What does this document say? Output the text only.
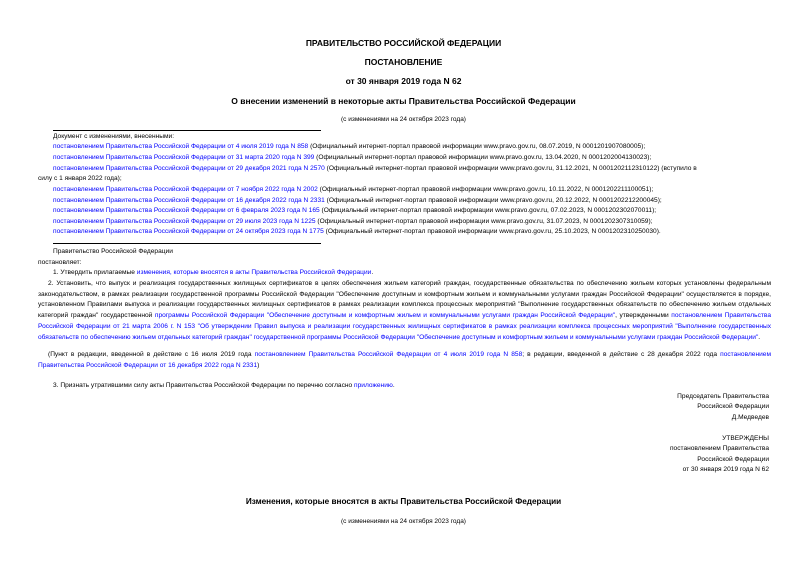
ПРАВИТЕЛЬСТВО РОССИЙСКОЙ ФЕДЕРАЦИИ
ПОСТАНОВЛЕНИЕ
от 30 января 2019 года N 62
О внесении изменений в некоторые акты Правительства Российской Федерации
(с изменениями на 24 октября 2023 года)
Документ с изменениями, внесенными:
постановлением Правительства Российской Федерации от 4 июля 2019 года N 858 (Официальный интернет-портал правовой информации www.pravo.gov.ru, 08.07.2019, N 0001201907080005);
постановлением Правительства Российской Федерации от 31 марта 2020 года N 399 (Официальный интернет-портал правовой информации www.pravo.gov.ru, 13.04.2020, N 0001202004130023);
постановлением Правительства Российской Федерации от 29 декабря 2021 года N 2570 (Официальный интернет-портал правовой информации www.pravo.gov.ru, 31.12.2021, N 0001202112310122) (вступило в
силу с 1 января 2022 года);
постановлением Правительства Российской Федерации от 7 ноября 2022 года N 2002 (Официальный интернет-портал правовой информации www.pravo.gov.ru, 10.11.2022, N 0001202211100051);
постановлением Правительства Российской Федерации от 16 декабря 2022 года N 2331 (Официальный интернет-портал правовой информации www.pravo.gov.ru, 20.12.2022, N 0001202212200045);
постановлением Правительства Российской Федерации от 6 февраля 2023 года N 165 (Официальный интернет-портал правовой информации www.pravo.gov.ru, 07.02.2023, N 0001202302070011);
постановлением Правительства Российской Федерации от 29 июля 2023 года N 1225 (Официальный интернет-портал правовой информации www.pravo.gov.ru, 31.07.2023, N 0001202307310059);
постановлением Правительства Российской Федерации от 24 октября 2023 года N 1775 (Официальный интернет-портал правовой информации www.pravo.gov.ru, 25.10.2023, N 0001202310250030).
Правительство Российской Федерации
постановляет:
1. Утвердить прилагаемые изменения, которые вносятся в акты Правительства Российской Федерации.
2. Установить, что выпуск и реализация государственных жилищных сертификатов в целях обеспечения жильем категорий граждан, государственные обязательства по обеспечению жильем которых установлены федеральным законодательством, в рамках реализации государственной программы Российской Федерации "Обеспечение доступным и комфортным жильем и коммунальными услугами граждан Российской Федерации" осуществляется в порядке, установленном Правилами выпуска и реализации государственных жилищных сертификатов в рамках реализации комплекса процессных мероприятий "Выполнение государственных обязательств по обеспечению жильем отдельных категорий граждан" государственной программы Российской Федерации "Обеспечение доступным и комфортным жильем и коммунальными услугами граждан Российской Федерации", утвержденными постановлением Правительства Российской Федерации от 21 марта 2006 г. N 153 "Об утверждении Правил выпуска и реализации государственных жилищных сертификатов в рамках реализации комплекса процессных мероприятий "Выполнение государственных обязательств по обеспечению жильем отдельных категорий граждан" государственной программы Российской Федерации "Обеспечение доступным и комфортным жильем и коммунальными услугами граждан Российской Федерации".
(Пункт в редакции, введенной в действие с 16 июля 2019 года постановлением Правительства Российской Федерации от 4 июля 2019 года N 858; в редакции, введенной в действие с 28 декабря 2022 года постановлением Правительства Российской Федерации от 16 декабря 2022 года N 2331)
3. Признать утратившими силу акты Правительства Российской Федерации по перечню согласно приложению.
Председатель Правительства
Российской Федерации
Д.Медведев
УТВЕРЖДЕНЫ
постановлением Правительства
Российской Федерации
от 30 января 2019 года N 62
Изменения, которые вносятся в акты Правительства Российской Федерации
(с изменениями на 24 октября 2023 года)
